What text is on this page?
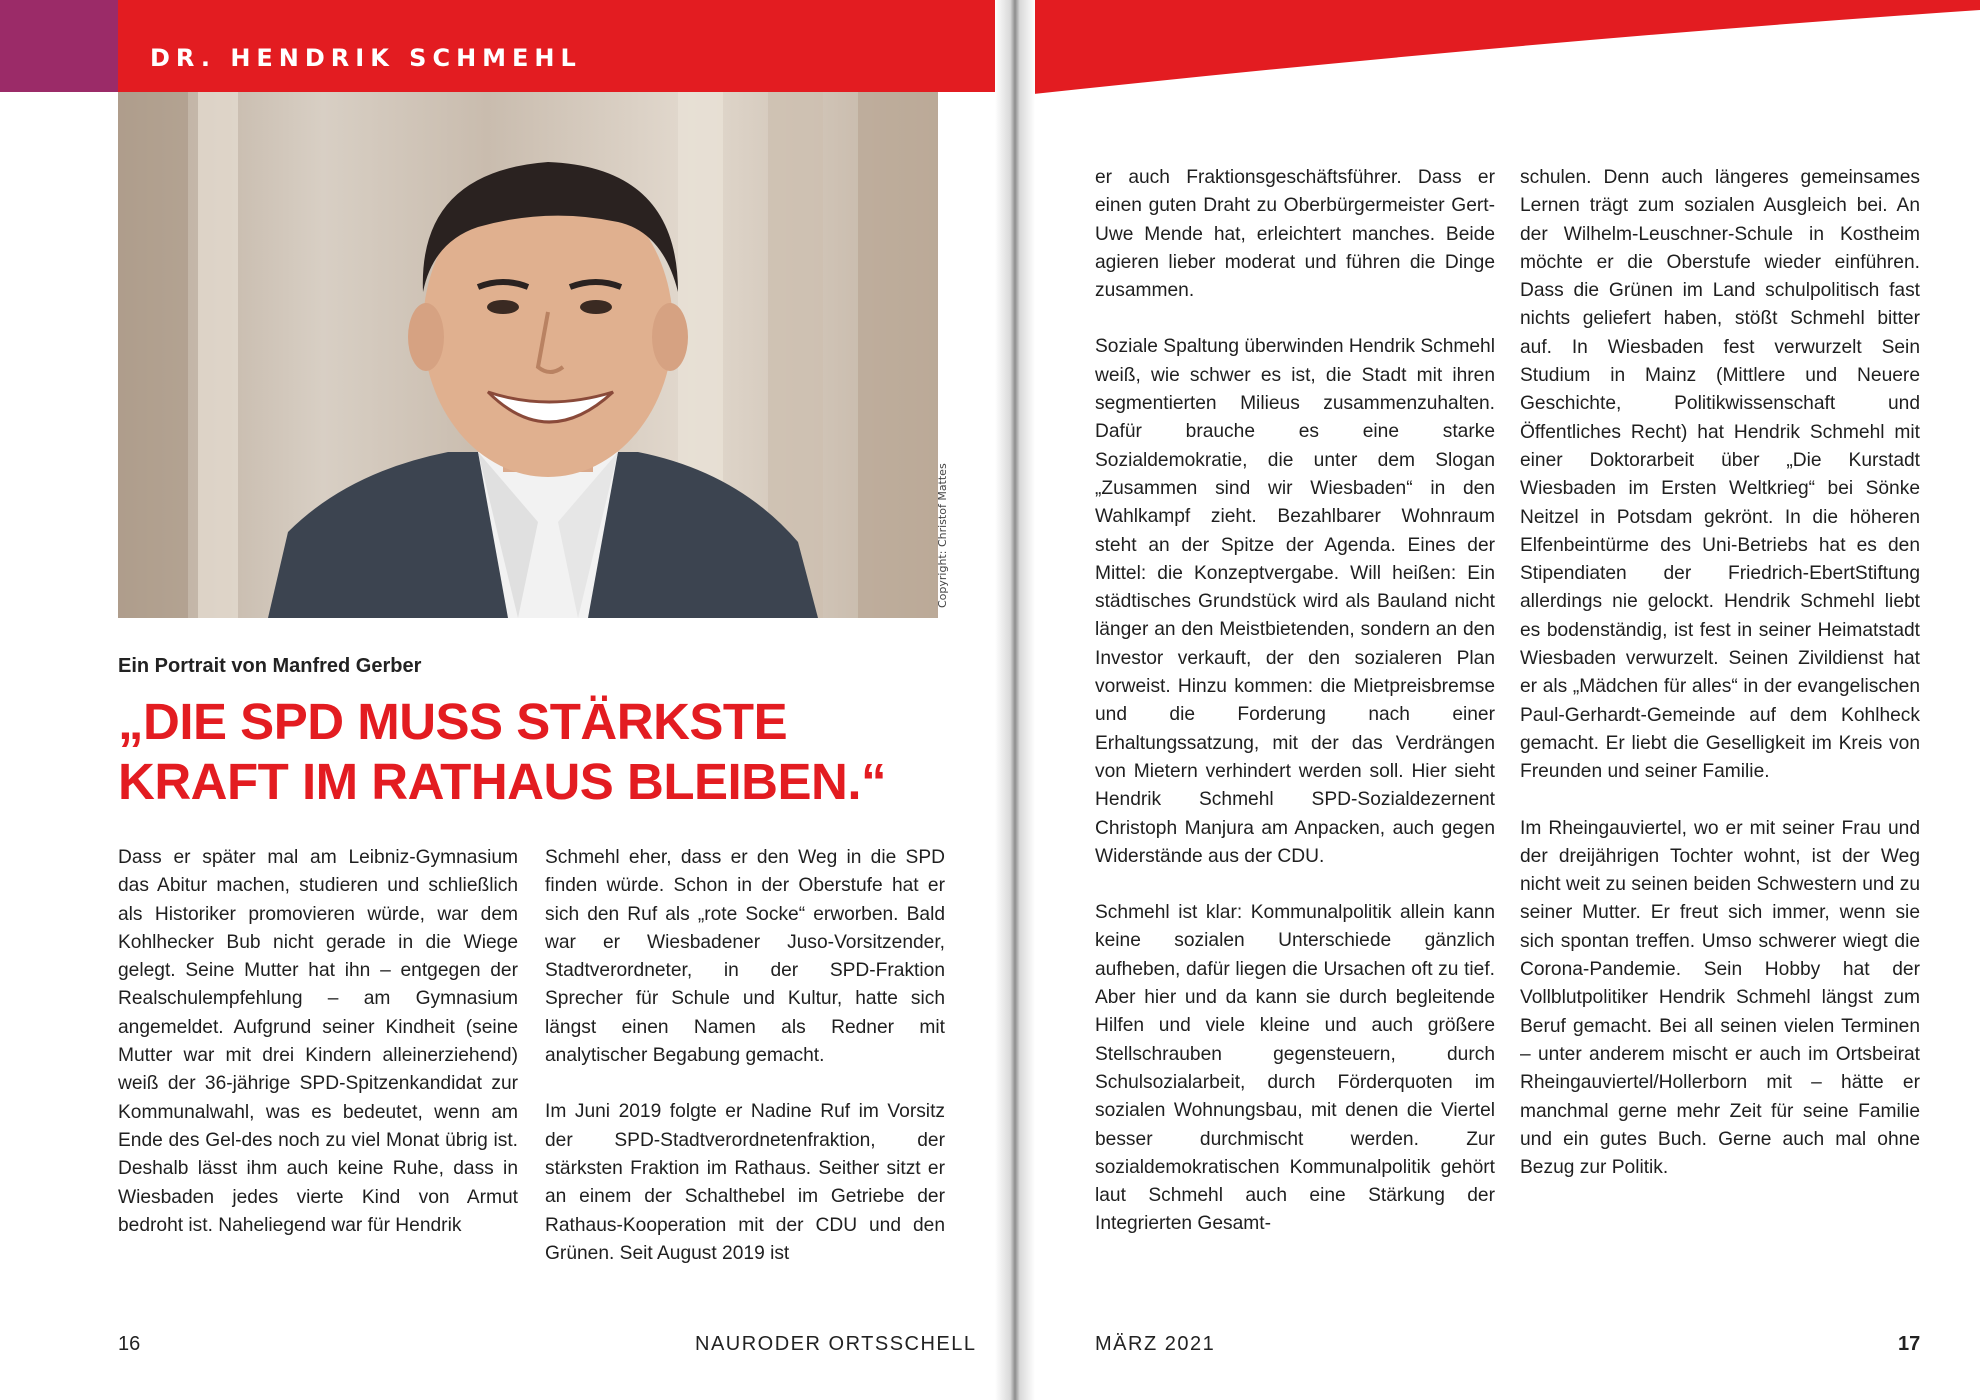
DR. HENDRIK SCHMEHL
Copyright: Christof Mattes
Ein Portrait von Manfred Gerber
„DIE SPD MUSS STÄRKSTE
KRAFT IM RATHAUS BLEIBEN.“

Dass er später mal am Leibniz-Gymnasium das Abitur machen, studieren und schließlich als Historiker promovieren würde, war dem Kohlhecker Bub nicht gerade in die Wiege gelegt. Seine Mutter hat ihn – entgegen der Realschulempfehlung – am Gymnasium angemeldet. Aufgrund seiner Kindheit (seine Mutter war mit drei Kindern alleinerziehend) weiß der 36-jährige SPD-Spitzenkandidat zur Kommunalwahl, was es bedeutet, wenn am Ende des Gel-des noch zu viel Monat übrig ist. Deshalb lässt ihm auch keine Ruhe, dass in Wiesbaden jedes vierte Kind von Armut bedroht ist. Naheliegend war für Hendrik

Schmehl eher, dass er den Weg in die SPD finden würde. Schon in der Oberstufe hat er sich den Ruf als „rote Socke“ erworben. Bald war er Wiesbadener Juso-Vorsitzender, Stadtverordneter, in der SPD-Fraktion Sprecher für Schule und Kultur, hatte sich längst einen Namen als Redner mit analytischer Begabung gemacht.

Im Juni 2019 folgte er Nadine Ruf im Vorsitz der SPD-Stadtverordnetenfraktion, der stärksten Fraktion im Rathaus. Seither sitzt er an einem der Schalthebel im Getriebe der Rathaus-Kooperation mit der CDU und den Grünen. Seit August 2019 ist

16	NAURODER ORTSSCHELL

er auch Fraktionsgeschäftsführer. Dass er einen guten Draht zu Oberbürgermeister Gert-Uwe Mende hat, erleichtert manches. Beide agieren lieber moderat und führen die Dinge zusammen.

Soziale Spaltung überwinden Hendrik Schmehl weiß, wie schwer es ist, die Stadt mit ihren segmentierten Milieus zusammenzuhalten. Dafür brauche es eine starke Sozialdemokratie, die unter dem Slogan „Zusammen sind wir Wiesbaden“ in den Wahlkampf zieht. Bezahlbarer Wohnraum steht an der Spitze der Agenda. Eines der Mittel: die Konzeptvergabe. Will heißen: Ein städtisches Grundstück wird als Bauland nicht länger an den Meistbietenden, sondern an den Investor verkauft, der den sozialeren Plan vorweist. Hinzu kommen: die Mietpreisbremse und die Forderung nach einer Erhaltungssatzung, mit der das Verdrängen von Mietern verhindert werden soll. Hier sieht Hendrik Schmehl SPD-Sozialdezernent Christoph Manjura am Anpacken, auch gegen Widerstände aus der CDU.

Schmehl ist klar: Kommunalpolitik allein kann keine sozialen Unterschiede gänzlich aufheben, dafür liegen die Ursachen oft zu tief. Aber hier und da kann sie durch begleitende Hilfen und viele kleine und auch größere Stellschrauben gegensteuern, durch Schulsozialarbeit, durch Förderquoten im sozialen Wohnungsbau, mit denen die Viertel besser durchmischt werden. Zur sozialdemokratischen Kommunalpolitik gehört laut Schmehl auch eine Stärkung der Integrierten Gesamt-

schulen. Denn auch längeres gemeinsames Lernen trägt zum sozialen Ausgleich bei. An der Wilhelm-Leuschner-Schule in Kostheim möchte er die Oberstufe wieder einführen. Dass die Grünen im Land schulpolitisch fast nichts geliefert haben, stößt Schmehl bitter auf. In Wiesbaden fest verwurzelt Sein Studium in Mainz (Mittlere und Neuere Geschichte, Politikwissenschaft und Öffentliches Recht) hat Hendrik Schmehl mit einer Doktorarbeit über „Die Kurstadt Wiesbaden im Ersten Weltkrieg“ bei Sönke Neitzel in Potsdam gekrönt. In die höheren Elfenbeintürme des Uni-Betriebs hat es den Stipendiaten der Friedrich-EbertStiftung allerdings nie gelockt. Hendrik Schmehl liebt es bodenständig, ist fest in seiner Heimatstadt Wiesbaden verwurzelt. Seinen Zivildienst hat er als „Mädchen für alles“ in der evangelischen Paul-Gerhardt-Gemeinde auf dem Kohlheck gemacht. Er liebt die Geselligkeit im Kreis von Freunden und seiner Familie.

Im Rheingauviertel, wo er mit seiner Frau und der dreijährigen Tochter wohnt, ist der Weg nicht weit zu seinen beiden Schwestern und zu seiner Mutter. Er freut sich immer, wenn sie sich spontan treffen. Umso schwerer wiegt die Corona-Pandemie. Sein Hobby hat der Vollblutpolitiker Hendrik Schmehl längst zum Beruf gemacht. Bei all seinen vielen Terminen – unter anderem mischt er auch im Ortsbeirat Rheingauviertel/Hollerborn mit – hätte er manchmal gerne mehr Zeit für seine Familie und ein gutes Buch. Gerne auch mal ohne Bezug zur Politik.

MÄRZ 2021	17
